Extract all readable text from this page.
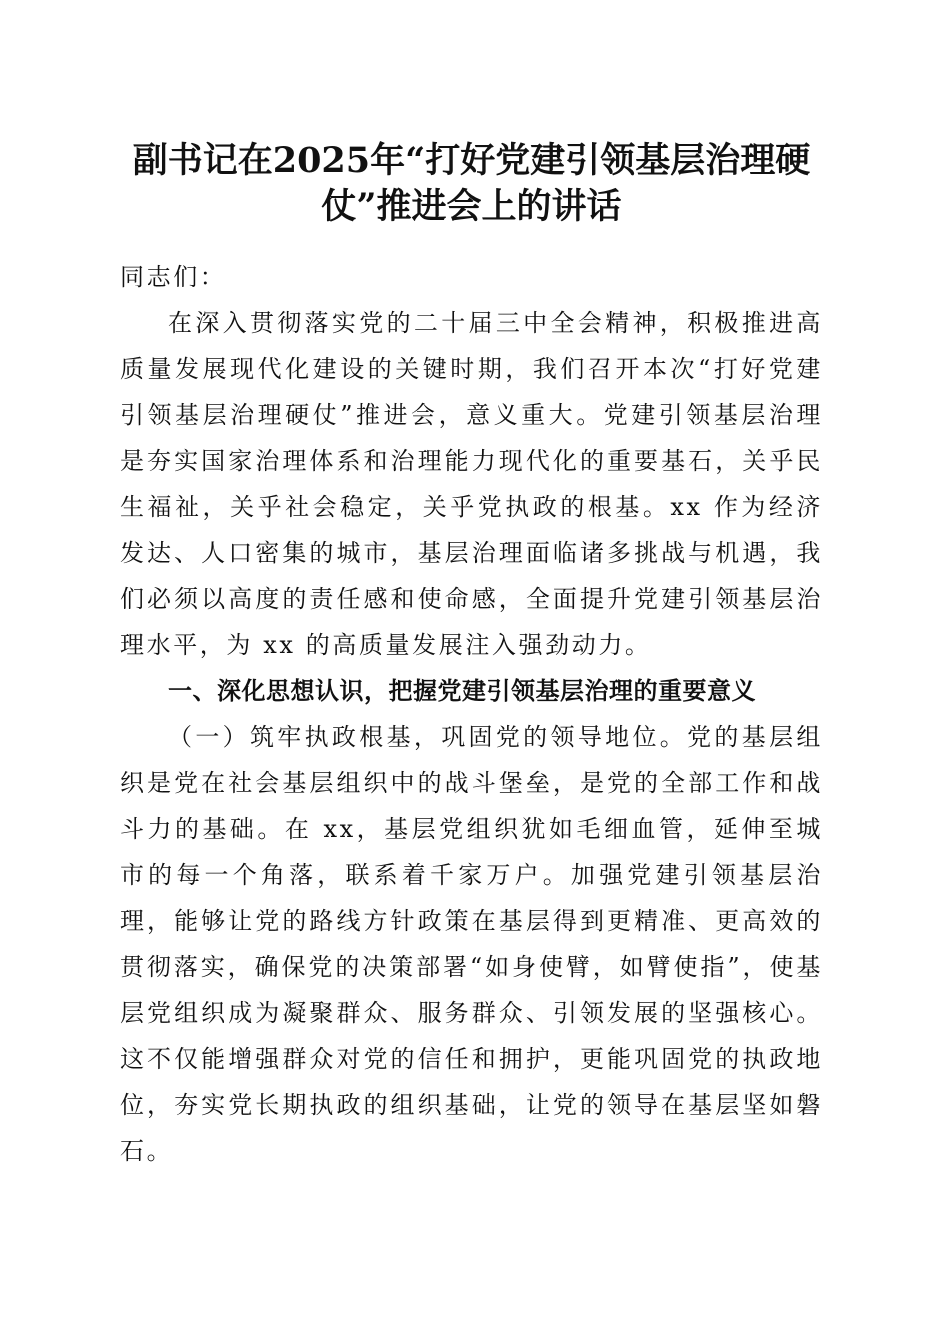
副书记在2025年“打好党建引领基层治理硬仗”推进会上的讲话

同志们：

在深入贯彻落实党的二十届三中全会精神，积极推进高质量发展现代化建设的关键时期，我们召开本次“打好党建引领基层治理硬仗”推进会，意义重大。党建引领基层治理是夯实国家治理体系和治理能力现代化的重要基石，关乎民生福祉，关乎社会稳定，关乎党执政的根基。xx 作为经济发达、人口密集的城市，基层治理面临诸多挑战与机遇，我们必须以高度的责任感和使命感，全面提升党建引领基层治理水平，为 xx 的高质量发展注入强劲动力。

一、深化思想认识，把握党建引领基层治理的重要意义

（一）筑牢执政根基，巩固党的领导地位。党的基层组织是党在社会基层组织中的战斗堡垒，是党的全部工作和战斗力的基础。在 xx，基层党组织犹如毛细血管，延伸至城市的每一个角落，联系着千家万户。加强党建引领基层治理，能够让党的路线方针政策在基层得到更精准、更高效的贯彻落实，确保党的决策部署“如身使臂，如臂使指”，使基层党组织成为凝聚群众、服务群众、引领发展的坚强核心。这不仅能增强群众对党的信任和拥护，更能巩固党的执政地位，夯实党长期执政的组织基础，让党的领导在基层坚如磐石。
